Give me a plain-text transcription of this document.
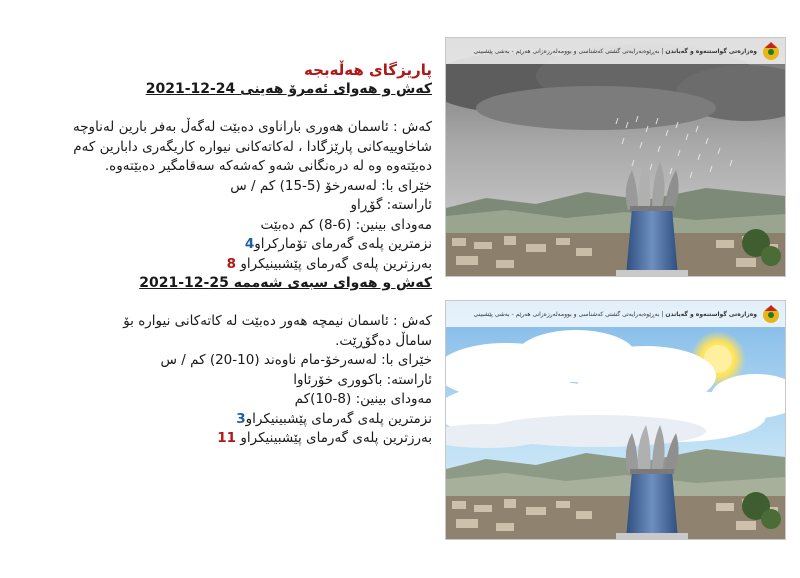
پاریزگای هەڵەبجە
کەش و هەوای ئەمرۆ هەینی 24-12-2021
کەش : ئاسمان هەوری باراناوی دەبێت لەگەڵ بەفر بارین لەناوچە
شاخاوییەکانی پارێزگادا ، لەکاتەکانی نیوارە کاریگەری دابارین کەم
دەبێتەوە وە لە درەنگانی شەو کەشەکە سەقامگیر دەبێتەوە.
خێرای با: لەسەرخۆ (5-15) کم / س
ئاراستە: گۆڕاو
مەودای بینین: (6-8) کم دەبێت
نزمترین پلەی گەرمای تۆمارکراو4
بەرزترین پلەی گەرمای پێشبینیکراو 8
کەش و هەوای سبەی شەممە 25-12-2021
کەش : ئاسمان نیمچە هەور دەبێت لە کاتەکانی نیوارە بۆ
ساماڵ دەگۆڕێت.
خێرای با: لەسەرخۆ-مام ناوەند (10-20) کم / س
ئاراستە: باکووری خۆرئاوا
مەودای بینین: (8-10)کم
نزمترین پلەی گەرمای پێشبینیکراو3
بەرزترین پلەی گەرمای پێشبینیکراو 11
وەزارەتی گواستنەوە و گەیاندن | بەڕێوەبەرایەتی گشتی کەشناسی و بوومەلەرزەزانی هەرێم - بەشی پێشبینی
وەزارەتی گواستنەوە و گەیاندن | بەڕێوەبەرایەتی گشتی کەشناسی و بوومەلەرزەزانی هەرێم - بەشی پێشبینی
